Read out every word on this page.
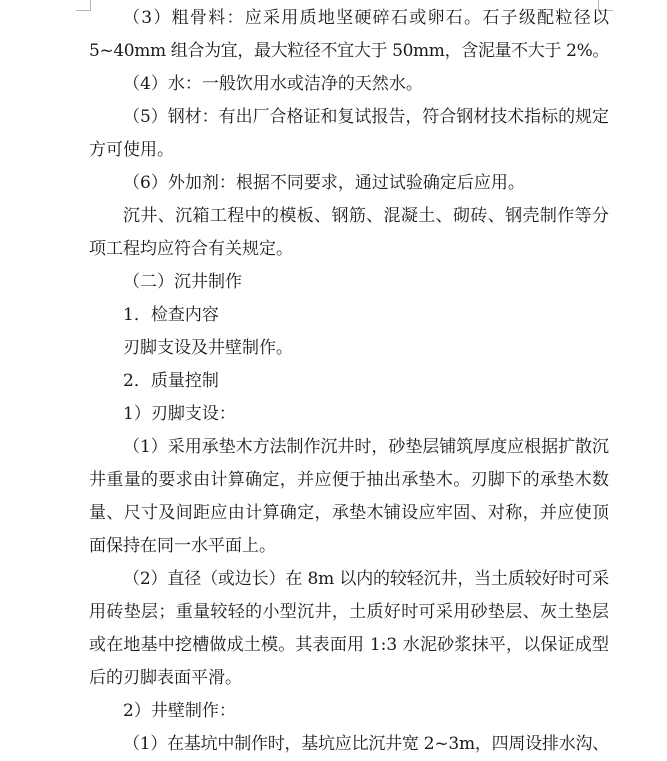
（3）粗骨料：应采用质地坚硬碎石或卵石。石子级配粒径以
5~40mm 组合为宜，最大粒径不宜大于 50mm，含泥量不大于 2%。
（4）水：一般饮用水或洁净的天然水。
（5）钢材：有出厂合格证和复试报告，符合钢材技术指标的规定
方可使用。
（6）外加剂：根据不同要求，通过试验确定后应用。
沉井、沉箱工程中的模板、钢筋、混凝土、砌砖、钢壳制作等分
项工程均应符合有关规定。
（二）沉井制作
1．检查内容
刃脚支设及井壁制作。
2．质量控制
1）刃脚支设：
（1）采用承垫木方法制作沉井时，砂垫层铺筑厚度应根据扩散沉
井重量的要求由计算确定，并应便于抽出承垫木。刃脚下的承垫木数
量、尺寸及间距应由计算确定，承垫木铺设应牢固、对称，并应使顶
面保持在同一水平面上。
（2）直径（或边长）在 8m 以内的较轻沉井，当土质较好时可采
用砖垫层；重量较轻的小型沉井，土质好时可采用砂垫层、灰土垫层
或在地基中挖槽做成土模。其表面用 1:3 水泥砂浆抹平，以保证成型
后的刃脚表面平滑。
2）井壁制作：
（1）在基坑中制作时，基坑应比沉井宽 2~3m，四周设排水沟、
